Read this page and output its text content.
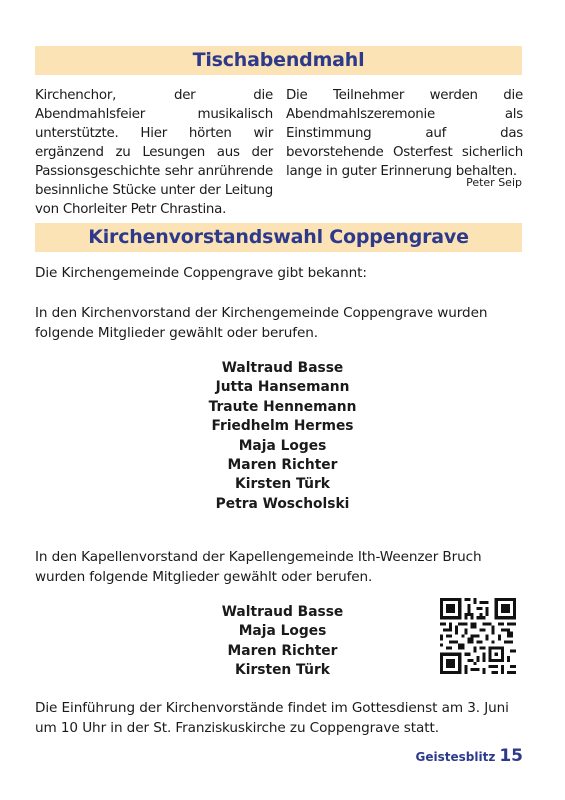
Tischabendmahl

Kirchenchor, der die Abendmahlsfeier musikalisch unterstützte. Hier hörten wir ergänzend zu Lesungen aus der Passionsgeschichte sehr anrührende besinnliche Stücke unter der Leitung von Chorleiter Petr Chrastina.

Die Teilnehmer werden die Abendmahlszeremonie als Einstimmung auf das bevorstehende Osterfest sicherlich lange in guter Erinnerung behalten.

Peter Seip
Kirchenvorstandswahl Coppengrave
Die Kirchengemeinde Coppengrave gibt bekannt:
In den Kirchenvorstand der Kirchengemeinde Coppengrave wurden folgende Mitglieder gewählt oder berufen.
Waltraud Basse
Jutta Hansemann
Traute Hennemann
Friedhelm Hermes
Maja Loges
Maren Richter
Kirsten Türk
Petra Woscholski
In den Kapellenvorstand der Kapellengemeinde Ith-Weenzer Bruch wurden folgende Mitglieder gewählt oder berufen.
Waltraud Basse
Maja Loges
Maren Richter
Kirsten Türk
Die Einführung der Kirchenvorstände findet im Gottesdienst am 3. Juni um 10 Uhr in der St. Franziskuskirche zu Coppengrave statt.
Geistesblitz 15
